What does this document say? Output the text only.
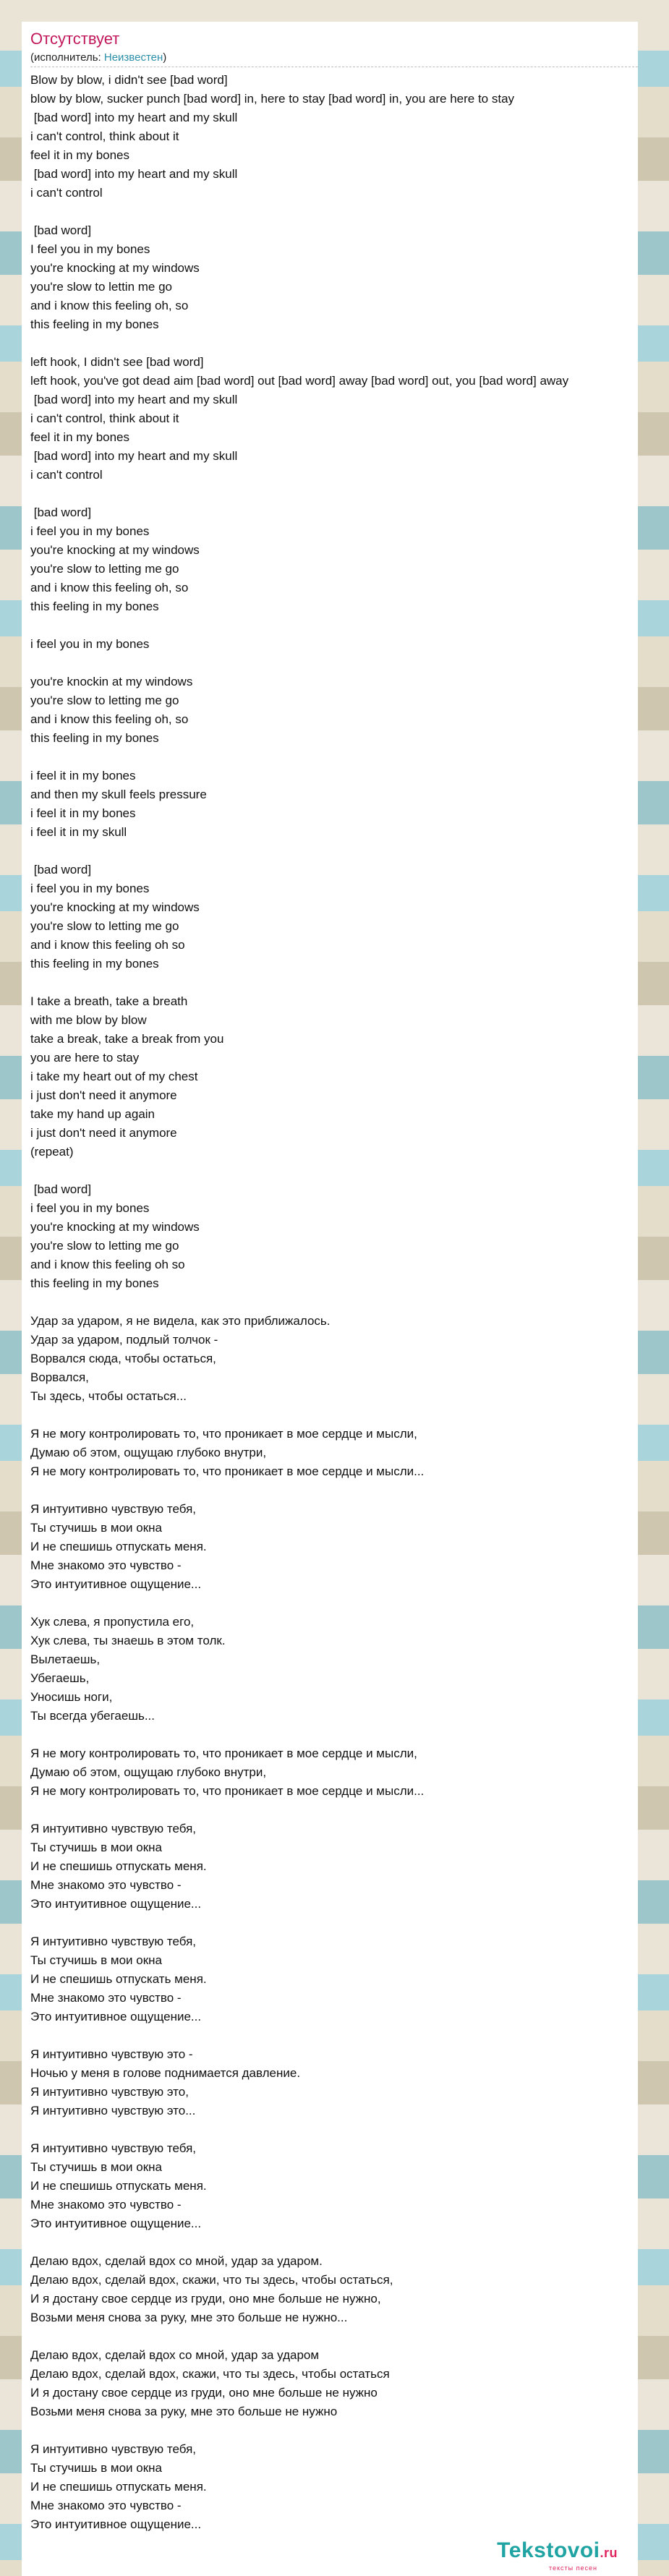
Отсутствует
(исполнитель: Неизвестен)
Blow by blow, i didn't see [bad word]
blow by blow, sucker punch [bad word] in, here to stay [bad word] in, you are here to stay
[bad word] into my heart and my skull
i can't control, think about it
feel it in my bones
[bad word] into my heart and my skull
i can't control

[bad word]
I feel you in my bones
you're knocking at my windows
you're slow to lettin me go
and i know this feeling oh, so
this feeling in my bones

left hook, I didn't see [bad word]
left hook, you've got dead aim [bad word] out [bad word] away [bad word] out, you [bad word] away
[bad word] into my heart and my skull
i can't control, think about it
feel it in my bones
[bad word] into my heart and my skull
i can't control

[bad word]
i feel you in my bones
you're knocking at my windows
you're slow to letting me go
and i know this feeling oh, so
this feeling in my bones

i feel you in my bones

you're knockin at my windows
you're slow to letting me go
and i know this feeling oh, so
this feeling in my bones

i feel it in my bones
and then my skull feels pressure
i feel it in my bones
i feel it in my skull

[bad word]
i feel you in my bones
you're knocking at my windows
you're slow to letting me go
and i know this feeling oh so
this feeling in my bones

I take a breath, take a breath
with me blow by blow
take a break, take a break from you
you are here to stay
i take my heart out of my chest
i just don't need it anymore
take my hand up again
i just don't need it anymore
(repeat)

[bad word]
i feel you in my bones
you're knocking at my windows
you're slow to letting me go
and i know this feeling oh so
this feeling in my bones

Удар за ударом, я не видела, как это приближалось.
Удар за ударом, подлый толчок -
Ворвался сюда, чтобы остаться,
Ворвался,
Ты здесь, чтобы остаться...

Я не могу контролировать то, что проникает в мое сердце и мысли,
Думаю об этом, ощущаю глубоко внутри,
Я не могу контролировать то, что проникает в мое сердце и мысли...

Я интуитивно чувствую тебя,
Ты стучишь в мои окна
И не спешишь отпускать меня.
Мне знакомо это чувство -
Это интуитивное ощущение...

Хук слева, я пропустила его,
Хук слева, ты знаешь в этом толк.
Вылетаешь,
Убегаешь,
Уносишь ноги,
Ты всегда убегаешь...

Я не могу контролировать то, что проникает в мое сердце и мысли,
Думаю об этом, ощущаю глубоко внутри,
Я не могу контролировать то, что проникает в мое сердце и мысли...

Я интуитивно чувствую тебя,
Ты стучишь в мои окна
И не спешишь отпускать меня.
Мне знакомо это чувство -
Это интуитивное ощущение...

Я интуитивно чувствую тебя,
Ты стучишь в мои окна
И не спешишь отпускать меня.
Мне знакомо это чувство -
Это интуитивное ощущение...

Я интуитивно чувствую это -
Ночью у меня в голове поднимается давление.
Я интуитивно чувствую это,
Я интуитивно чувствую это...

Я интуитивно чувствую тебя,
Ты стучишь в мои окна
И не спешишь отпускать меня.
Мне знакомо это чувство -
Это интуитивное ощущение...

Делаю вдох, сделай вдох со мной, удар за ударом.
Делаю вдох, сделай вдох, скажи, что ты здесь, чтобы остаться,
И я достану свое сердце из груди, оно мне больше не нужно,
Возьми меня снова за руку, мне это больше не нужно...

Делаю вдох, сделай вдох со мной, удар за ударом
Делаю вдох, сделай вдох, скажи, что ты здесь, чтобы остаться
И я достану свое сердце из груди, оно мне больше не нужно
Возьми меня снова за руку, мне это больше не нужно

Я интуитивно чувствую тебя,
Ты стучишь в мои окна
И не спешишь отпускать меня.
Мне знакомо это чувство -
Это интуитивное ощущение...
Tekstovoi.ru
тексты песен
